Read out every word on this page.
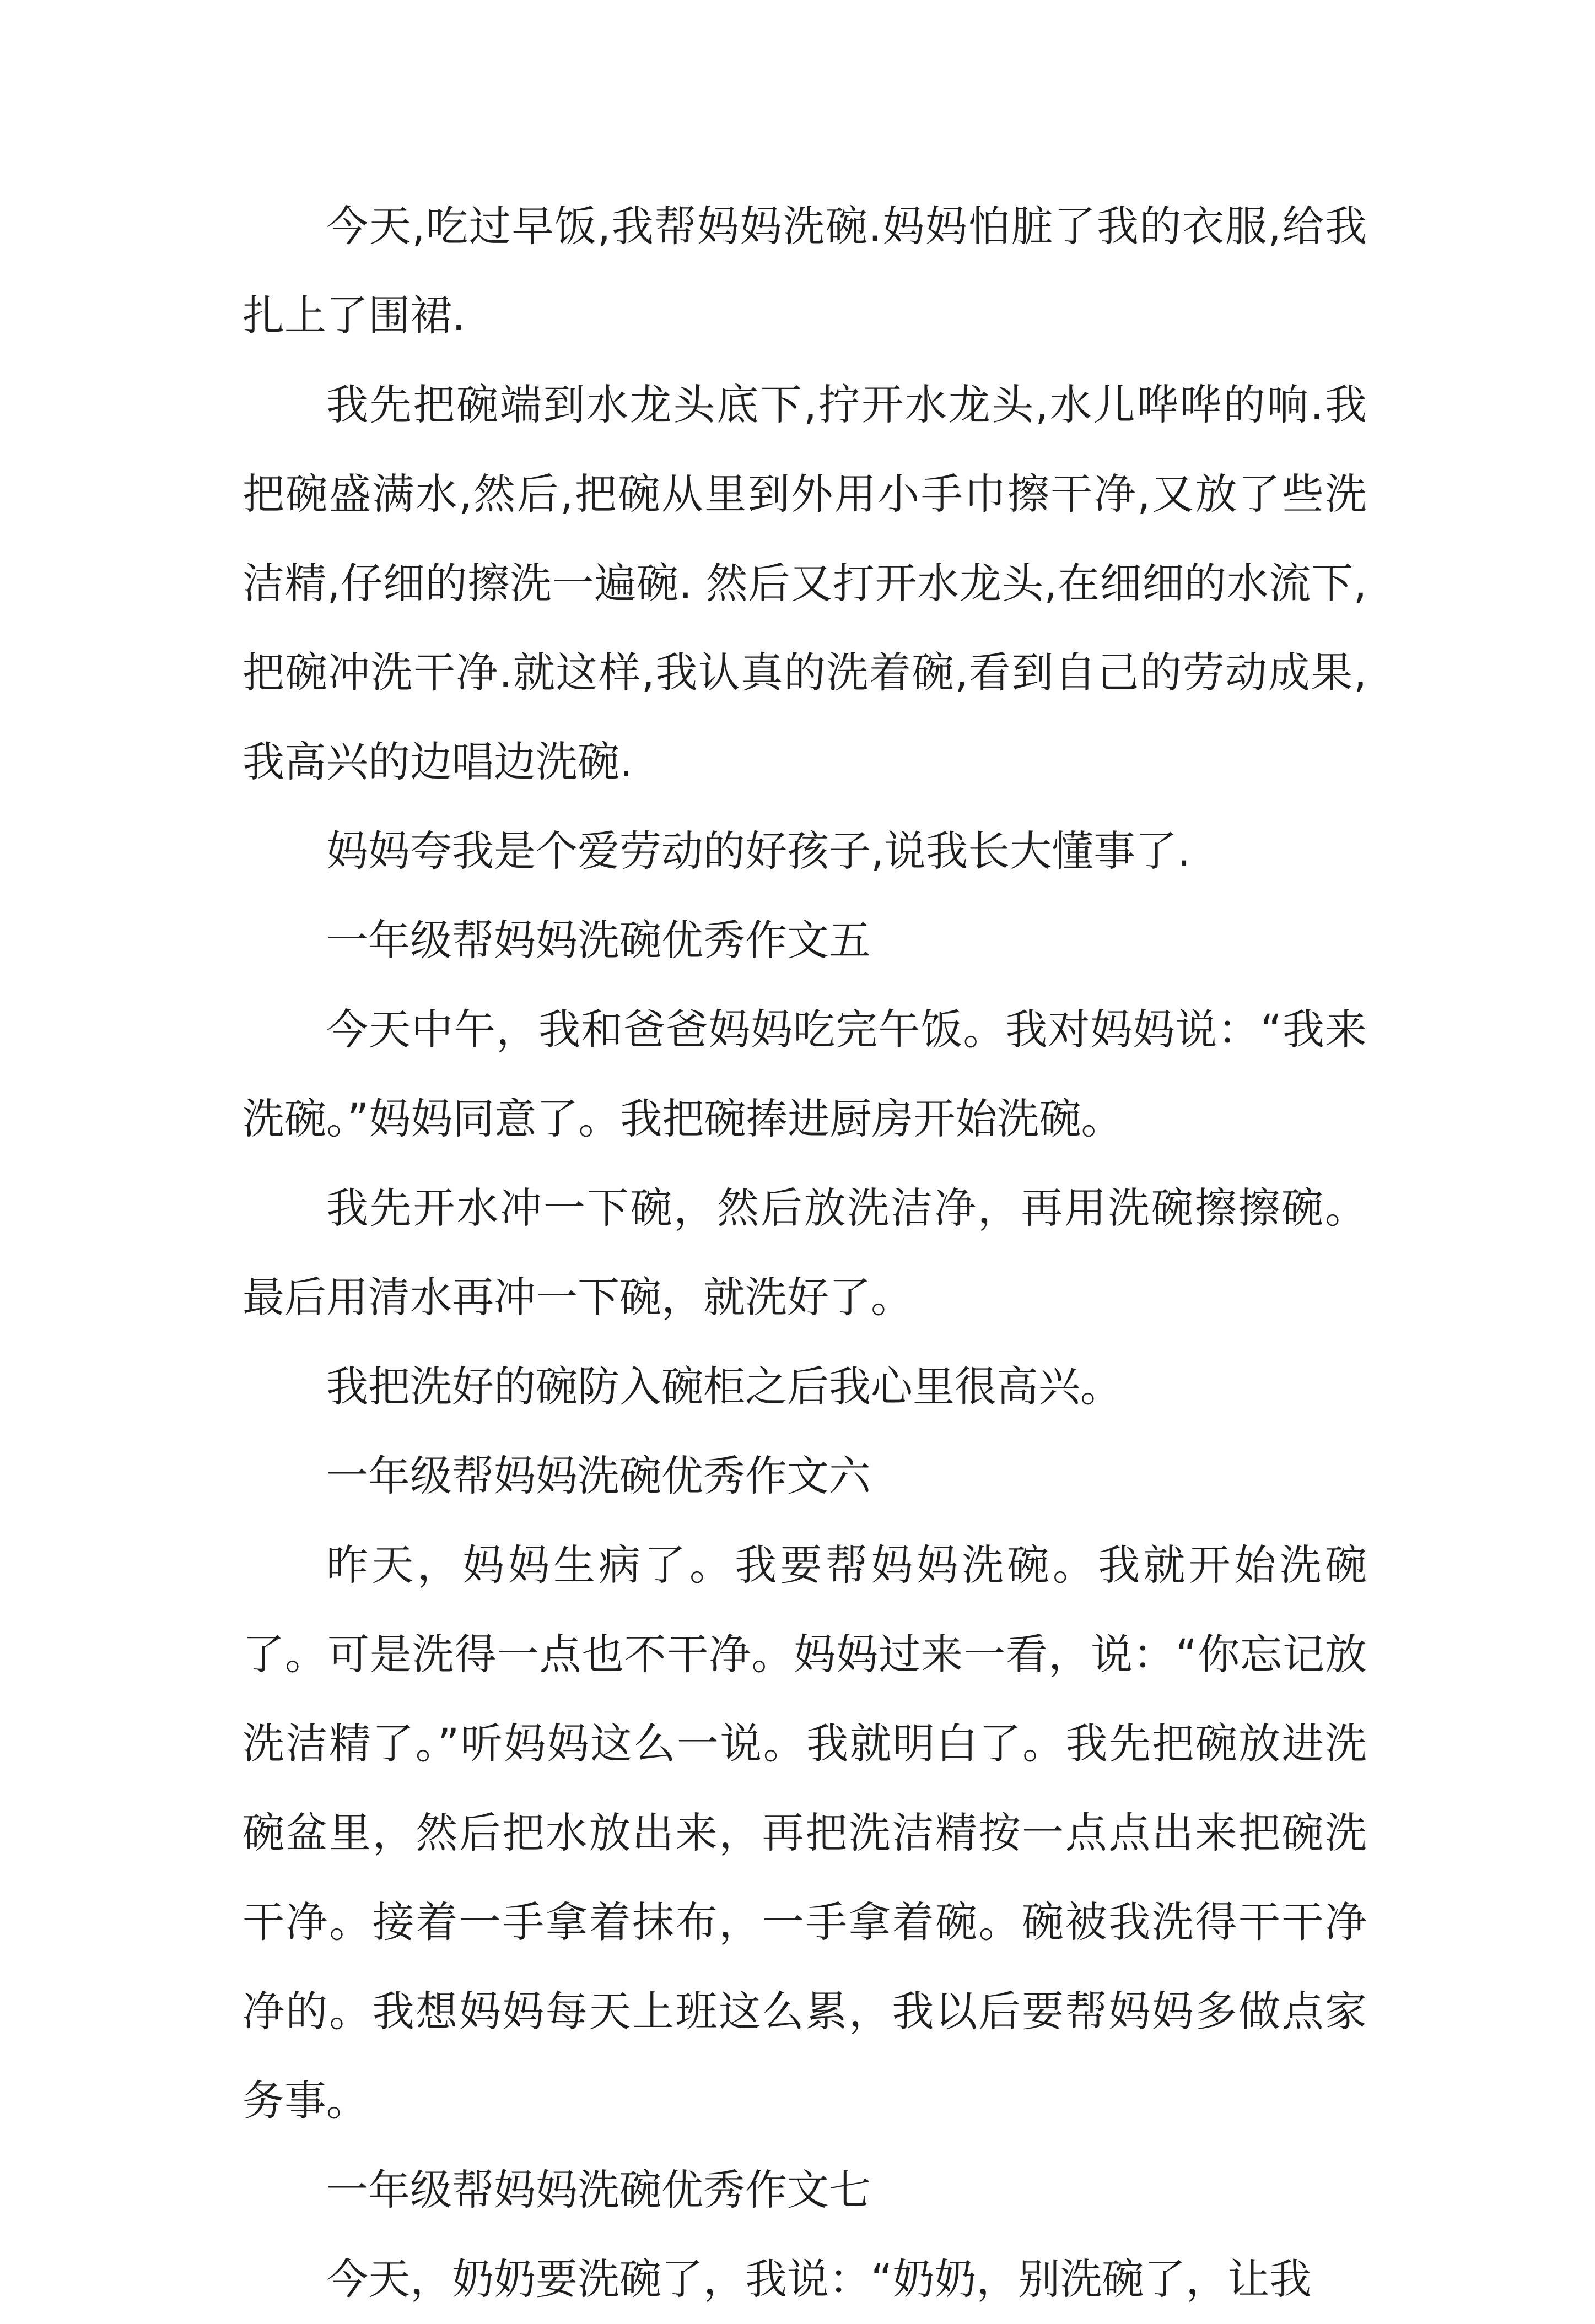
今天,吃过早饭,我帮妈妈洗碗.妈妈怕脏了我的衣服,给我扎上了围裙.

我先把碗端到水龙头底下,拧开水龙头,水儿哗哗的响.我把碗盛满水,然后,把碗从里到外用小手巾擦干净,又放了些洗洁精,仔细的擦洗一遍碗. 然后又打开水龙头,在细细的水流下,把碗冲洗干净.就这样,我认真的洗着碗,看到自己的劳动成果,我高兴的边唱边洗碗.

妈妈夸我是个爱劳动的好孩子,说我长大懂事了.

一年级帮妈妈洗碗优秀作文五

今天中午，我和爸爸妈妈吃完午饭。我对妈妈说：“我来洗碗。”妈妈同意了。我把碗捧进厨房开始洗碗。

我先开水冲一下碗，然后放洗洁净，再用洗碗擦擦碗。最后用清水再冲一下碗，就洗好了。

我把洗好的碗防入碗柜之后我心里很高兴。

一年级帮妈妈洗碗优秀作文六

昨天，妈妈生病了。我要帮妈妈洗碗。我就开始洗碗了。可是洗得一点也不干净。妈妈过来一看，说：“你忘记放洗洁精了。”听妈妈这么一说。我就明白了。我先把碗放进洗碗盆里，然后把水放出来，再把洗洁精按一点点出来把碗洗干净。接着一手拿着抹布，一手拿着碗。碗被我洗得干干净净的。我想妈妈每天上班这么累，我以后要帮妈妈多做点家务事。

一年级帮妈妈洗碗优秀作文七

今天，奶奶要洗碗了，我说：“奶奶，别洗碗了，让我
